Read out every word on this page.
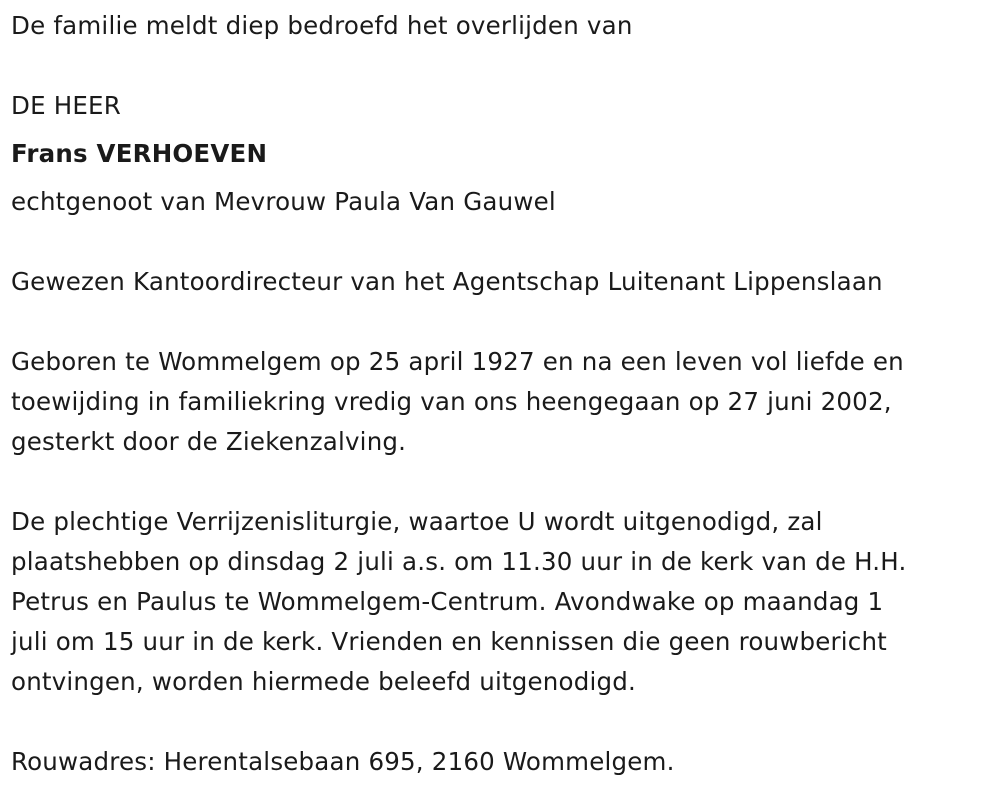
De familie meldt diep bedroefd het overlijden van

DE HEER

Frans VERHOEVEN

echtgenoot van Mevrouw Paula Van Gauwel

Gewezen Kantoordirecteur van het Agentschap Luitenant Lippenslaan

Geboren te Wommelgem op 25 april 1927 en na een leven vol liefde en

toewijding in familiekring vredig van ons heengegaan op 27 juni 2002,

gesterkt door de Ziekenzalving.

De plechtige Verrijzenisliturgie, waartoe U wordt uitgenodigd, zal

plaatshebben op dinsdag 2 juli a.s. om 11.30 uur in de kerk van de H.H.

Petrus en Paulus te Wommelgem-Centrum. Avondwake op maandag 1

juli om 15 uur in de kerk. Vrienden en kennissen die geen rouwbericht

ontvingen, worden hiermede beleefd uitgenodigd.

Rouwadres: Herentalsebaan 695, 2160 Wommelgem.
